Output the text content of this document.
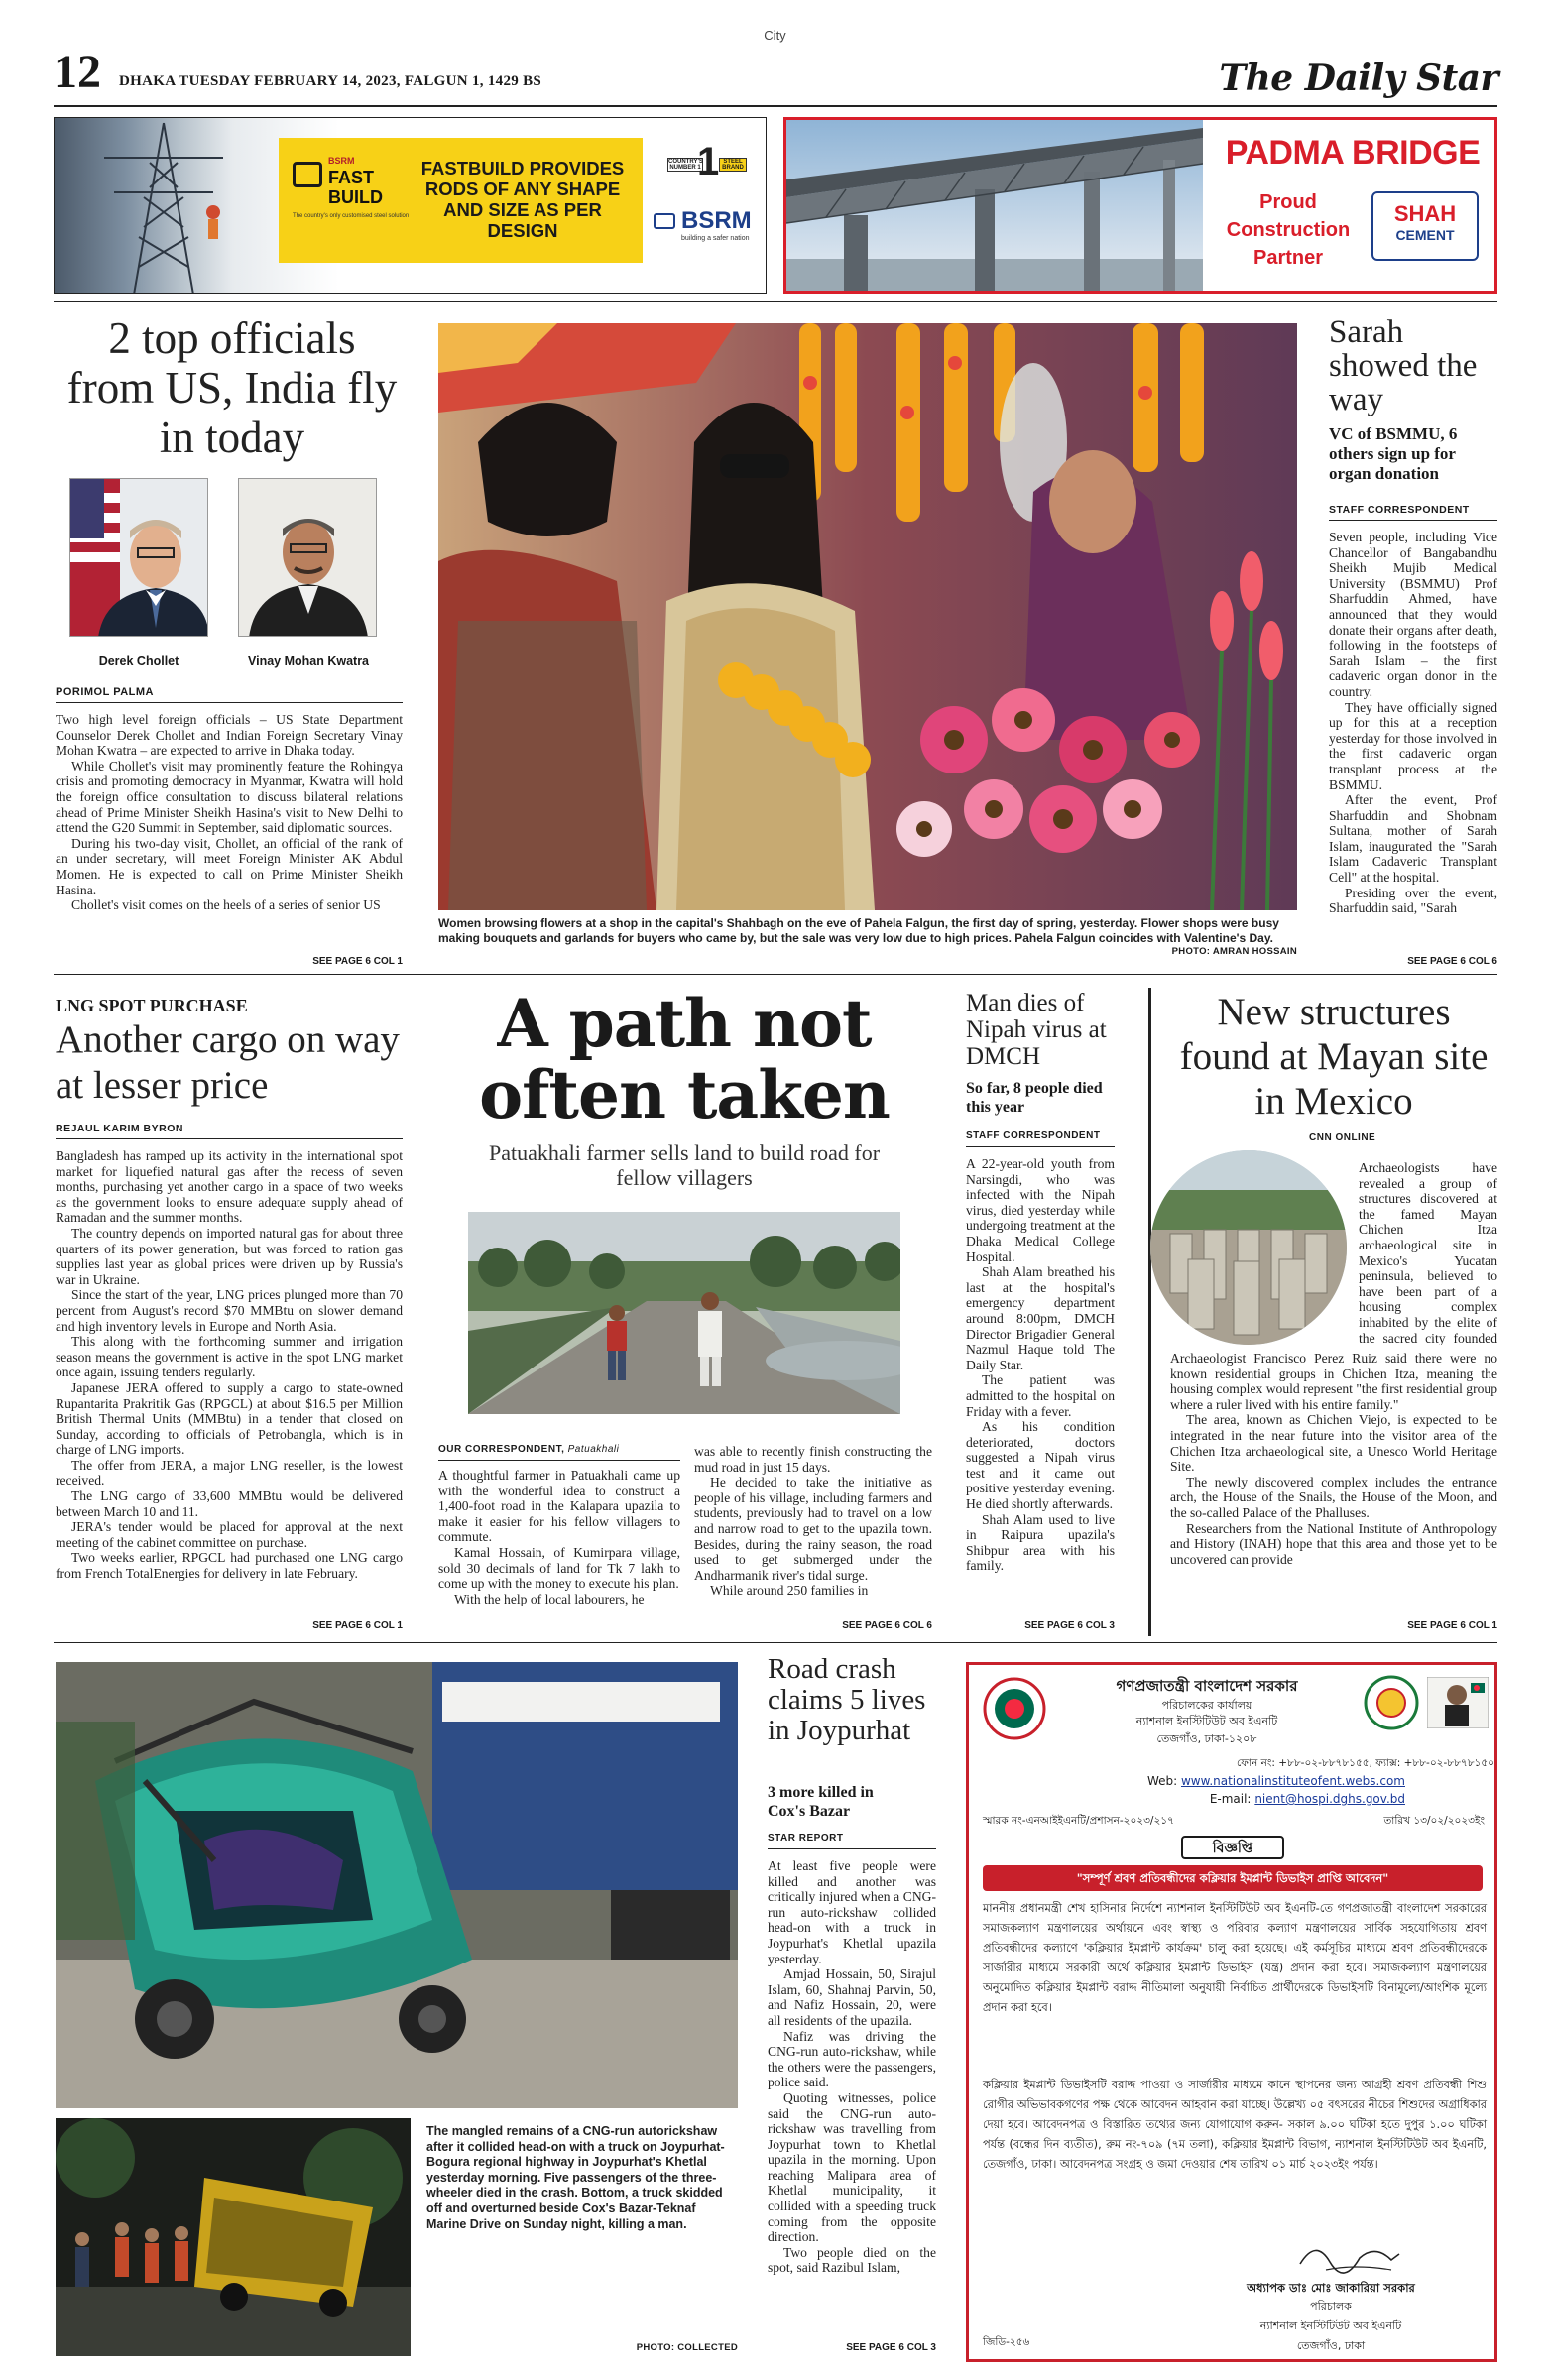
City
12 DHAKA TUESDAY FEBRUARY 14, 2023, FALGUN 1, 1429 BS	The Daily Star
BSRM
FAST
BUILD
The country's only customised steel solution
FASTBUILD PROVIDES RODS OF ANY SHAPE AND SIZE AS PER DESIGN
COUNTRY'S NUMBER 1
1 STEEL BRAND
BSRM
building a safer nation
PADMA BRIDGE
Proud
Construction
Partner
SHAH
CEMENT
2 top officials from US, India fly in today
Derek Chollet	Vinay Mohan Kwatra
PORIMOL PALMA

Two high level foreign officials – US State Department Counselor Derek Chollet and Indian Foreign Secretary Vinay Mohan Kwatra – are expected to arrive in Dhaka today.

While Chollet's visit may prominently feature the Rohingya crisis and promoting democracy in Myanmar, Kwatra will hold the foreign office consultation to discuss bilateral relations ahead of Prime Minister Sheikh Hasina's visit to New Delhi to attend the G20 Summit in September, said diplomatic sources.

During his two-day visit, Chollet, an official of the rank of an under secretary, will meet Foreign Minister AK Abdul Momen. He is expected to call on Prime Minister Sheikh Hasina.

Chollet's visit comes on the heels of a series of senior US

SEE PAGE 6 COL 1
Women browsing flowers at a shop in the capital's Shahbagh on the eve of Pahela Falgun, the first day of spring, yesterday. Flower shops were busy making bouquets and garlands for buyers who came by, but the sale was very low due to high prices. Pahela Falgun coincides with Valentine's Day.
PHOTO: AMRAN HOSSAIN
Sarah showed the way
VC of BSMMU, 6 others sign up for organ donation
STAFF CORRESPONDENT

Seven people, including Vice Chancellor of Bangabandhu Sheikh Mujib Medical University (BSMMU) Prof Sharfuddin Ahmed, have announced that they would donate their organs after death, following in the footsteps of Sarah Islam – the first cadaveric organ donor in the country.

They have officially signed up for this at a reception yesterday for those involved in the first cadaveric organ transplant process at the BSMMU.

After the event, Prof Sharfuddin and Shobnam Sultana, mother of Sarah Islam, inaugurated the "Sarah Islam Cadaveric Transplant Cell" at the hospital.

Presiding over the event, Sharfuddin said, "Sarah

SEE PAGE 6 COL 6
LNG SPOT PURCHASE
Another cargo on way at lesser price
REJAUL KARIM BYRON

Bangladesh has ramped up its activity in the international spot market for liquefied natural gas after the recess of seven months, purchasing yet another cargo in a space of two weeks as the government looks to ensure adequate supply ahead of Ramadan and the summer months.

The country depends on imported natural gas for about three quarters of its power generation, but was forced to ration gas supplies last year as global prices were driven up by Russia's war in Ukraine.

Since the start of the year, LNG prices plunged more than 70 percent from August's record $70 MMBtu on slower demand and high inventory levels in Europe and North Asia.

This along with the forthcoming summer and irrigation season means the government is active in the spot LNG market once again, issuing tenders regularly.

Japanese JERA offered to supply a cargo to state-owned Rupantarita Prakritik Gas (RPGCL) at about $16.5 per Million British Thermal Units (MMBtu) in a tender that closed on Sunday, according to officials of Petrobangla, which is in charge of LNG imports.

The offer from JERA, a major LNG reseller, is the lowest received.

The LNG cargo of 33,600 MMBtu would be delivered between March 10 and 11.

JERA's tender would be placed for approval at the next meeting of the cabinet committee on purchase.

Two weeks earlier, RPGCL had purchased one LNG cargo from French TotalEnergies for delivery in late February.

SEE PAGE 6 COL 1
A path not often taken
Patuakhali farmer sells land to build road for fellow villagers
OUR CORRESPONDENT, Patuakhali

A thoughtful farmer in Patuakhali came up with the wonderful idea to construct a 1,400-foot road in the Kalapara upazila to make it easier for his fellow villagers to commute.

Kamal Hossain, of Kumirpara village, sold 30 decimals of land for Tk 7 lakh to come up with the money to execute his plan.

With the help of local labourers, he

was able to recently finish constructing the mud road in just 15 days.

He decided to take the initiative as people of his village, including farmers and students, previously had to travel on a low and narrow road to get to the upazila town. Besides, during the rainy season, the road used to get submerged under the Andharmanik river's tidal surge.

While around 250 families in

SEE PAGE 6 COL 6
Man dies of Nipah virus at DMCH
So far, 8 people died this year
STAFF CORRESPONDENT

A 22-year-old youth from Narsingdi, who was infected with the Nipah virus, died yesterday while undergoing treatment at the Dhaka Medical College Hospital.

Shah Alam breathed his last at the hospital's emergency department around 8:00pm, DMCH Director Brigadier General Nazmul Haque told The Daily Star.

The patient was admitted to the hospital on Friday with a fever.

As his condition deteriorated, doctors suggested a Nipah virus test and it came out positive yesterday evening. He died shortly afterwards.

Shah Alam used to live in Raipura upazila's Shibpur area with his family.

SEE PAGE 6 COL 3
New structures found at Mayan site in Mexico
CNN ONLINE

Archaeologists have revealed a group of structures discovered at the famed Mayan Chichen Itza archaeological site in Mexico's Yucatan peninsula, believed to have been part of a housing complex inhabited by the elite of the sacred city founded

Archaeologist Francisco Perez Ruiz said there were no known residential groups in Chichen Itza, meaning the housing complex would represent "the first residential group where a ruler lived with his entire family."

The area, known as Chichen Viejo, is expected to be integrated in the near future into the visitor area of the Chichen Itza archaeological site, a Unesco World Heritage Site.

The newly discovered complex includes the entrance arch, the House of the Snails, the House of the Moon, and the so-called Palace of the Phalluses.

Researchers from the National Institute of Anthropology and History (INAH) hope that this area and those yet to be uncovered can provide

SEE PAGE 6 COL 1
The mangled remains of a CNG-run autorickshaw after it collided head-on with a truck on Joypurhat-Bogura regional highway in Joypurhat's Khetlal yesterday morning. Five passengers of the three-wheeler died in the crash. Bottom, a truck skidded off and overturned beside Cox's Bazar-Teknaf Marine Drive on Sunday night, killing a man.
PHOTO: COLLECTED
Road crash claims 5 lives in Joypurhat
3 more killed in Cox's Bazar
STAR REPORT

At least five people were killed and another was critically injured when a CNG-run auto-rickshaw collided head-on with a truck in Joypurhat's Khetlal upazila yesterday.

Amjad Hossain, 50, Sirajul Islam, 60, Shahnaj Parvin, 50, and Nafiz Hossain, 20, were all residents of the upazila.

Nafiz was driving the CNG-run auto-rickshaw, while the others were the passengers, police said.

Quoting witnesses, police said the CNG-run auto-rickshaw was travelling from Joypurhat town to Khetlal upazila in the morning. Upon reaching Malipara area of Khetlal municipality, it collided with a speeding truck coming from the opposite direction.

Two people died on the spot, said Razibul Islam,

SEE PAGE 6 COL 3
গণপ্রজাতন্ত্রী বাংলাদেশ সরকার
পরিচালকের কার্যালয়
ন্যাশনাল ইনস্টিটিউট অব ইএনটি
তেজগাঁও, ঢাকা-১২০৮
ফোন নং: +৮৮-০২-৮৮৭৮১৫৫, ফ্যাক্স: +৮৮-০২-৮৮৭৮১৫০
Web: www.nationalinstituteofent.webs.com
E-mail: nient@hospi.dghs.gov.bd
স্মারক নং-এনআইইএনটি/প্রশাসন-২০২৩/২১৭	তারিখ ১৩/০২/২০২৩ইং
বিজ্ঞপ্তি
"সম্পূর্ণ শ্রবণ প্রতিবন্ধীদের কক্লিয়ার ইমপ্লান্ট ডিভাইস প্রাপ্তি আবেদন"
মাননীয় প্রধানমন্ত্রী শেখ হাসিনার নির্দেশে ন্যাশনাল ইনস্টিটিউট অব ইএনটি-তে গণপ্রজাতন্ত্রী বাংলাদেশ সরকারের সমাজকল্যাণ মন্ত্রণালয়ের অর্থায়নে এবং স্বাস্থ্য ও পরিবার কল্যাণ মন্ত্রণালয়ের সার্বিক সহযোগিতায় শ্রবণ প্রতিবন্ধীদের কল্যাণে 'কক্লিয়ার ইমপ্লান্ট কার্যক্রম' চালু করা হয়েছে। এই কর্মসূচির মাধ্যমে শ্রবণ প্রতিবন্ধীদেরকে সার্জারীর মাধ্যমে সরকারী অর্থে কক্লিয়ার ইমপ্লান্ট ডিভাইস (যন্ত্র) প্রদান করা হবে। সমাজকল্যাণ মন্ত্রণালয়ের অনুমোদিত কক্লিয়ার ইমপ্লান্ট বরাদ্দ নীতিমালা অনুযায়ী নির্বাচিত প্রার্থীদেরকে ডিভাইসটি বিনামূল্যে/আংশিক মূল্যে প্রদান করা হবে।
কক্লিয়ার ইমপ্লান্ট ডিভাইসটি বরাদ্দ পাওয়া ও সার্জারীর মাধ্যমে কানে স্থাপনের জন্য আগ্রহী শ্রবণ প্রতিবন্ধী শিশু রোগীর অভিভাবকগণের পক্ষ থেকে আবেদন আহবান করা যাচ্ছে। উল্লেখ্য ০৫ বৎসরের নীচের শিশুদের অগ্রাধিকার দেয়া হবে। আবেদনপত্র ও বিস্তারিত তথ্যের জন্য যোগাযোগ করুন- সকাল ৯.০০ ঘটিকা হতে দুপুর ১.০০ ঘটিকা পর্যন্ত (বন্ধের দিন ব্যতীত), রুম নং-৭০৯ (৭ম তলা), কক্লিয়ার ইমপ্লান্ট বিভাগ, ন্যাশনাল ইনস্টিটিউট অব ইএনটি, তেজগাঁও, ঢাকা। আবেদনপত্র সংগ্রহ ও জমা দেওয়ার শেষ তারিখ ০১ মার্চ ২০২৩ইং পর্যন্ত।
অধ্যাপক ডাঃ মোঃ জাকারিয়া সরকার
পরিচালক
ন্যাশনাল ইনস্টিটিউট অব ইএনটি
তেজগাঁও, ঢাকা
জিডি-২৫৬
